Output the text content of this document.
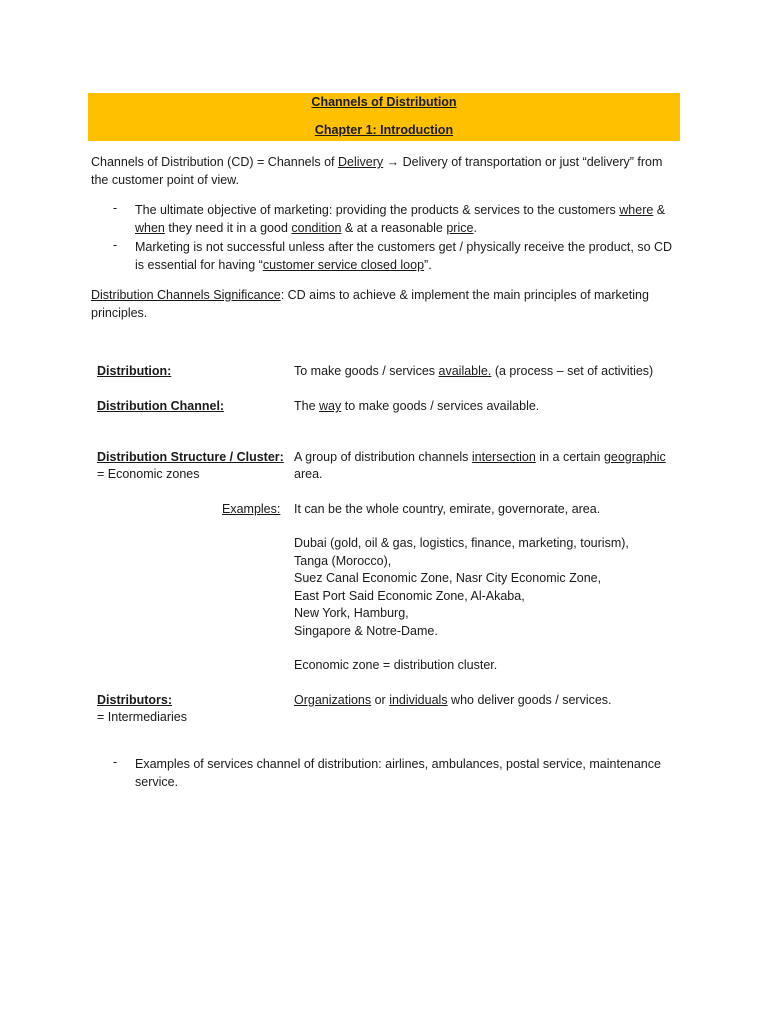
Channels of Distribution
Chapter 1: Introduction
Channels of Distribution (CD) = Channels of Delivery → Delivery of transportation or just “delivery” from the customer point of view.
- The ultimate objective of marketing: providing the products & services to the customers where & when they need it in a good condition & at a reasonable price.
- Marketing is not successful unless after the customers get / physically receive the product, so CD is essential for having “customer service closed loop”.
Distribution Channels Significance: CD aims to achieve & implement the main principles of marketing principles.
Distribution:	To make goods / services available. (a process – set of activities)
Distribution Channel:	The way to make goods / services available.
Distribution Structure / Cluster:
= Economic zones
A group of distribution channels intersection in a certain geographic area.
Examples: It can be the whole country, emirate, governorate, area.
Dubai (gold, oil & gas, logistics, finance, marketing, tourism),
Tanga (Morocco),
Suez Canal Economic Zone, Nasr City Economic Zone,
East Port Said Economic Zone, Al-Akaba,
New York, Hamburg,
Singapore & Notre-Dame.
Economic zone = distribution cluster.
Distributors:
= Intermediaries
Organizations or individuals who deliver goods / services.
- Examples of services channel of distribution: airlines, ambulances, postal service, maintenance service.
